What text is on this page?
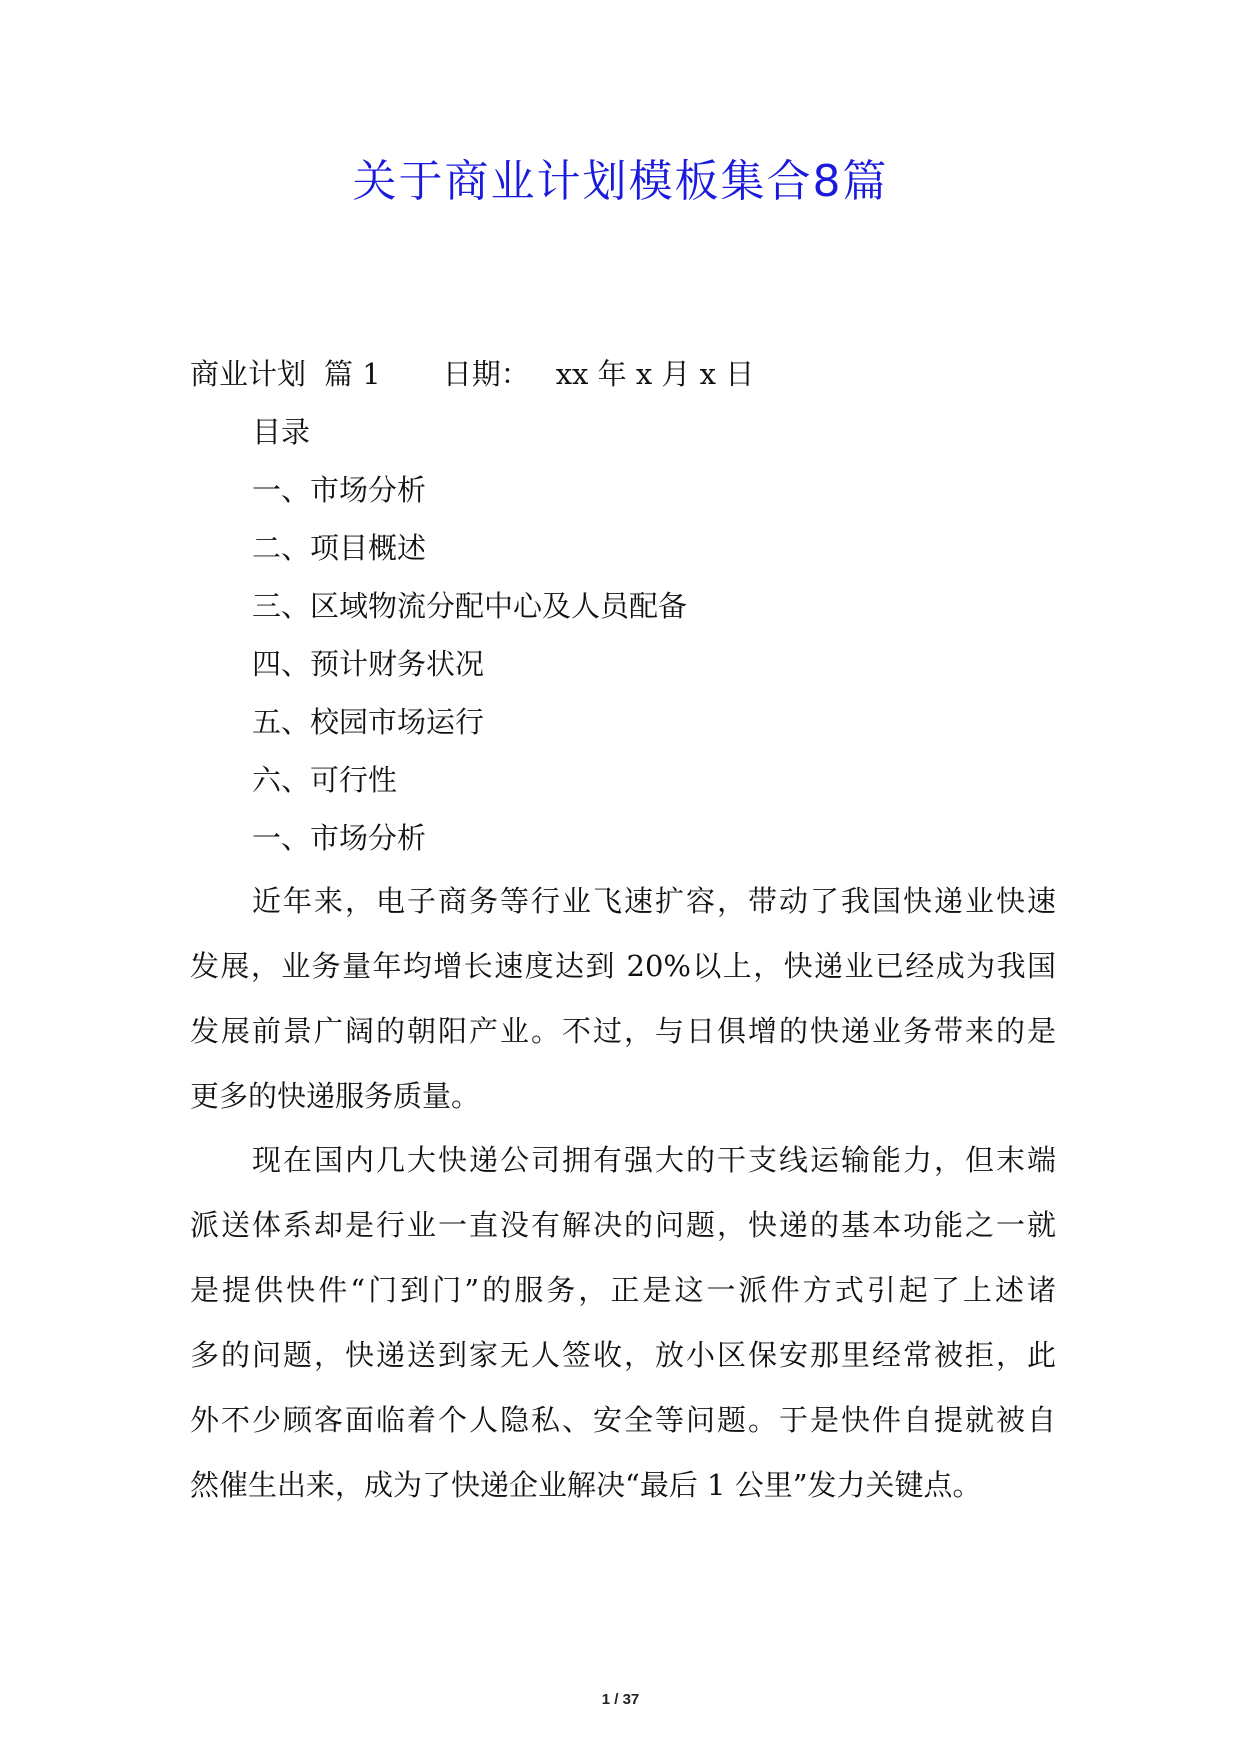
关于商业计划模板集合8篇
商业计划 篇 1 日期： xx 年 x 月 x 日

目录

一、市场分析

二、项目概述

三、区域物流分配中心及人员配备

四、预计财务状况

五、校园市场运行

六、可行性

一、市场分析

近年来，电子商务等行业飞速扩容，带动了我国快递业快速
发展，业务量年均增长速度达到 20%以上，快递业已经成为我国
发展前景广阔的朝阳产业。不过，与日俱增的快递业务带来的是
更多的快递服务质量。
现在国内几大快递公司拥有强大的干支线运输能力，但末端
派送体系却是行业一直没有解决的问题，快递的基本功能之一就
是提供快件“门到门”的服务，正是这一派件方式引起了上述诸
多的问题，快递送到家无人签收，放小区保安那里经常被拒，此
外不少顾客面临着个人隐私、安全等问题。于是快件自提就被自
然催生出来，成为了快递企业解决“最后 1 公里”发力关键点。
1 / 37
